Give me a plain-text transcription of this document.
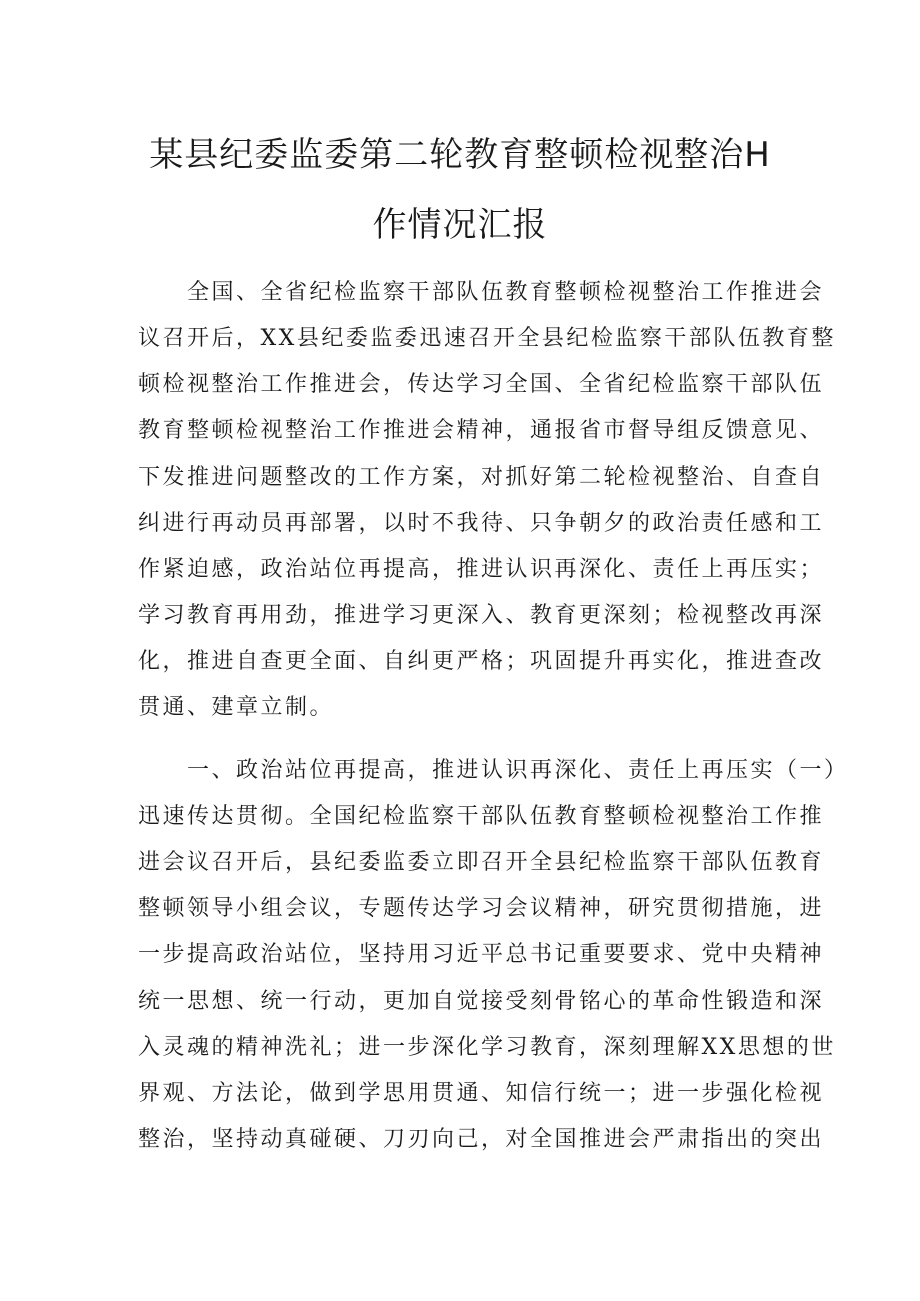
某县纪委监委第二轮教育整顿检视整治H
作情况汇报
全国、全省纪检监察干部队伍教育整顿检视整治工作推进会
议召开后，XX县纪委监委迅速召开全县纪检监察干部队伍教育整
顿检视整治工作推进会，传达学习全国、全省纪检监察干部队伍
教育整顿检视整治工作推进会精神，通报省市督导组反馈意见、
下发推进问题整改的工作方案，对抓好第二轮检视整治、自查自
纠进行再动员再部署，以时不我待、只争朝夕的政治责任感和工
作紧迫感，政治站位再提高，推进认识再深化、责任上再压实；
学习教育再用劲，推进学习更深入、教育更深刻；检视整改再深
化，推进自查更全面、自纠更严格；巩固提升再实化，推进查改
贯通、建章立制。
一、政治站位再提高，推进认识再深化、责任上再压实（一）
迅速传达贯彻。全国纪检监察干部队伍教育整顿检视整治工作推
进会议召开后，县纪委监委立即召开全县纪检监察干部队伍教育
整顿领导小组会议，专题传达学习会议精神，研究贯彻措施，进
一步提高政治站位，坚持用习近平总书记重要要求、党中央精神
统一思想、统一行动，更加自觉接受刻骨铭心的革命性锻造和深
入灵魂的精神洗礼；进一步深化学习教育，深刻理解XX思想的世
界观、方法论，做到学思用贯通、知信行统一；进一步强化检视
整治，坚持动真碰硬、刀刃向己，对全国推进会严肃指出的突出
